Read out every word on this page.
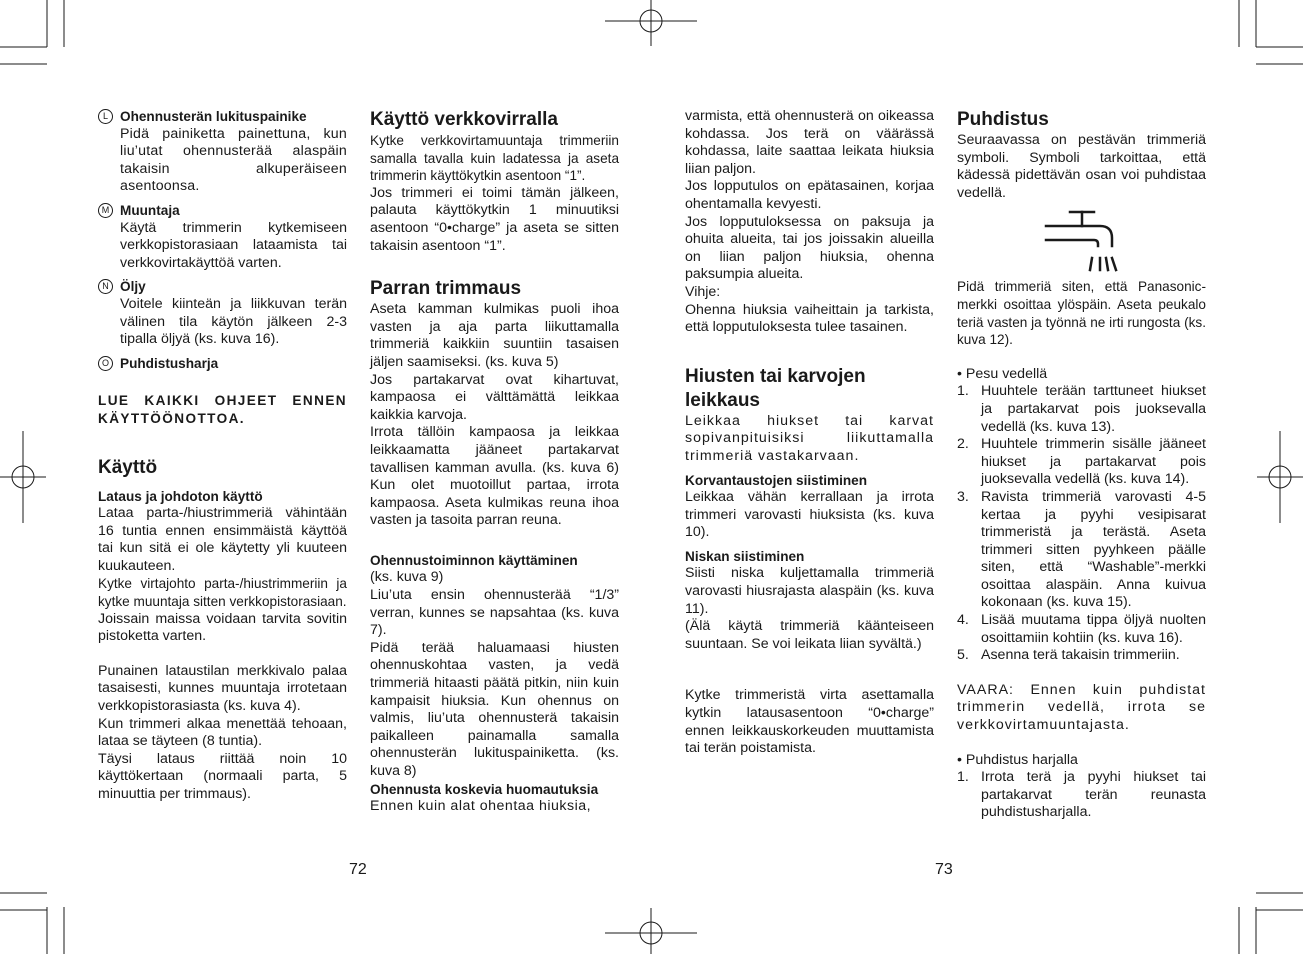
L Ohennusterän lukituspainike
Pidä painiketta painettuna, kun liu’utat ohennusterää alaspäin takaisin alkuperäiseen asentoonsa.
M Muuntaja
Käytä trimmerin kytkemiseen verkkopistorasiaan lataamista tai verkkovirtakäyttöä varten.
N Öljy
Voitele kiinteän ja liikkuvan terän välinen tila käytön jälkeen 2-3 tipalla öljyä (ks. kuva 16).
O Puhdistusharja
LUE KAIKKI OHJEET ENNEN KÄYTTÖÖNOTTOA.
Käyttö
Lataus ja johdoton käyttö
Lataa parta-/hiustrimmeriä vähintään 16 tuntia ennen ensimmäistä käyttöä tai kun sitä ei ole käytetty yli kuuteen kuukauteen.
Kytke virtajohto parta-/hiustrimmeriin ja kytke muuntaja sitten verkkopistorasiaan.
Joissain maissa voidaan tarvita sovitin pistoketta varten.
Punainen lataustilan merkkivalo palaa tasaisesti, kunnes muuntaja irrotetaan verkkopistorasiasta (ks. kuva 4).
Kun trimmeri alkaa menettää tehoaan, lataa se täyteen (8 tuntia).
Täysi lataus riittää noin 10 käyttökertaan (normaali parta, 5 minuuttia per trimmaus).
Käyttö verkkovirralla
Kytke verkkovirtamuuntaja trimmeriin samalla tavalla kuin ladatessa ja aseta trimmerin käyttökytkin asentoon “1”.
Jos trimmeri ei toimi tämän jälkeen, palauta käyttökytkin 1 minuutiksi asentoon “0•charge” ja aseta se sitten takaisin asentoon “1”.
Parran trimmaus
Aseta kamman kulmikas puoli ihoa vasten ja aja parta liikuttamalla trimmeriä kaikkiin suuntiin tasaisen jäljen saamiseksi. (ks. kuva 5)
Jos partakarvat ovat kihartuvat, kampaosa ei välttämättä leikkaa kaikkia karvoja.
Irrota tällöin kampaosa ja leikkaa leikkaamatta jääneet partakarvat tavallisen kamman avulla. (ks. kuva 6) Kun olet muotoillut partaa, irrota kampaosa. Aseta kulmikas reuna ihoa vasten ja tasoita parran reuna.
Ohennustoiminnon käyttäminen
(ks. kuva 9)
Liu’uta ensin ohennusterää “1/3” verran, kunnes se napsahtaa (ks. kuva 7).
Pidä terää haluamaasi hiusten ohennuskohtaa vasten, ja vedä trimmeriä hitaasti päätä pitkin, niin kuin kampaisit hiuksia. Kun ohennus on valmis, liu’uta ohennusterä takaisin paikalleen painamalla samalla ohennusterän lukituspainiketta. (ks. kuva 8)
Ohennusta koskevia huomautuksia
Ennen kuin alat ohentaa hiuksia,
72
varmista, että ohennusterä on oikeassa kohdassa. Jos terä on väärässä kohdassa, laite saattaa leikata hiuksia liian paljon.
Jos lopputulos on epätasainen, korjaa ohentamalla kevyesti.
Jos lopputuloksessa on paksuja ja ohuita alueita, tai jos joissakin alueilla on liian paljon hiuksia, ohenna paksumpia alueita.
Vihje:
Ohenna hiuksia vaiheittain ja tarkista, että lopputuloksesta tulee tasainen.
Hiusten tai karvojen leikkaus
Leikkaa hiukset tai karvat sopivanpituisiksi liikuttamalla trimmeriä vastakarvaan.
Korvantaustojen siistiminen
Leikkaa vähän kerrallaan ja irrota trimmeri varovasti hiuksista (ks. kuva 10).
Niskan siistiminen
Siisti niska kuljettamalla trimmeriä varovasti hiusrajasta alaspäin (ks. kuva 11).
(Älä käytä trimmeriä käänteiseen suuntaan. Se voi leikata liian syvältä.)
Kytke trimmeristä virta asettamalla kytkin latausasentoon “0•charge” ennen leikkauskorkeuden muuttamista tai terän poistamista.
Puhdistus
Seuraavassa on pestävän trimmeriä symboli. Symboli tarkoittaa, että kädessä pidettävän osan voi puhdistaa vedellä.
Pidä trimmeriä siten, että Panasonic-merkki osoittaa ylöspäin. Aseta peukalo teriä vasten ja työnnä ne irti rungosta (ks. kuva 12).
• Pesu vedellä
1. Huuhtele terään tarttuneet hiukset ja partakarvat pois juoksevalla vedellä (ks. kuva 13).
2. Huuhtele trimmerin sisälle jääneet hiukset ja partakarvat pois juoksevalla vedellä (ks. kuva 14).
3. Ravista trimmeriä varovasti 4-5 kertaa ja pyyhi vesipisarat trimmeristä ja terästä. Aseta trimmeri sitten pyyhkeen päälle siten, että “Washable”-merkki osoittaa alaspäin. Anna kuivua kokonaan (ks. kuva 15).
4. Lisää muutama tippa öljyä nuolten osoittamiin kohtiin (ks. kuva 16).
5. Asenna terä takaisin trimmeriin.
VAARA: Ennen kuin puhdistat trimmerin vedellä, irrota se verkkovirtamuuntajasta.
• Puhdistus harjalla
1. Irrota terä ja pyyhi hiukset tai partakarvat terän reunasta puhdistusharjalla.
73
